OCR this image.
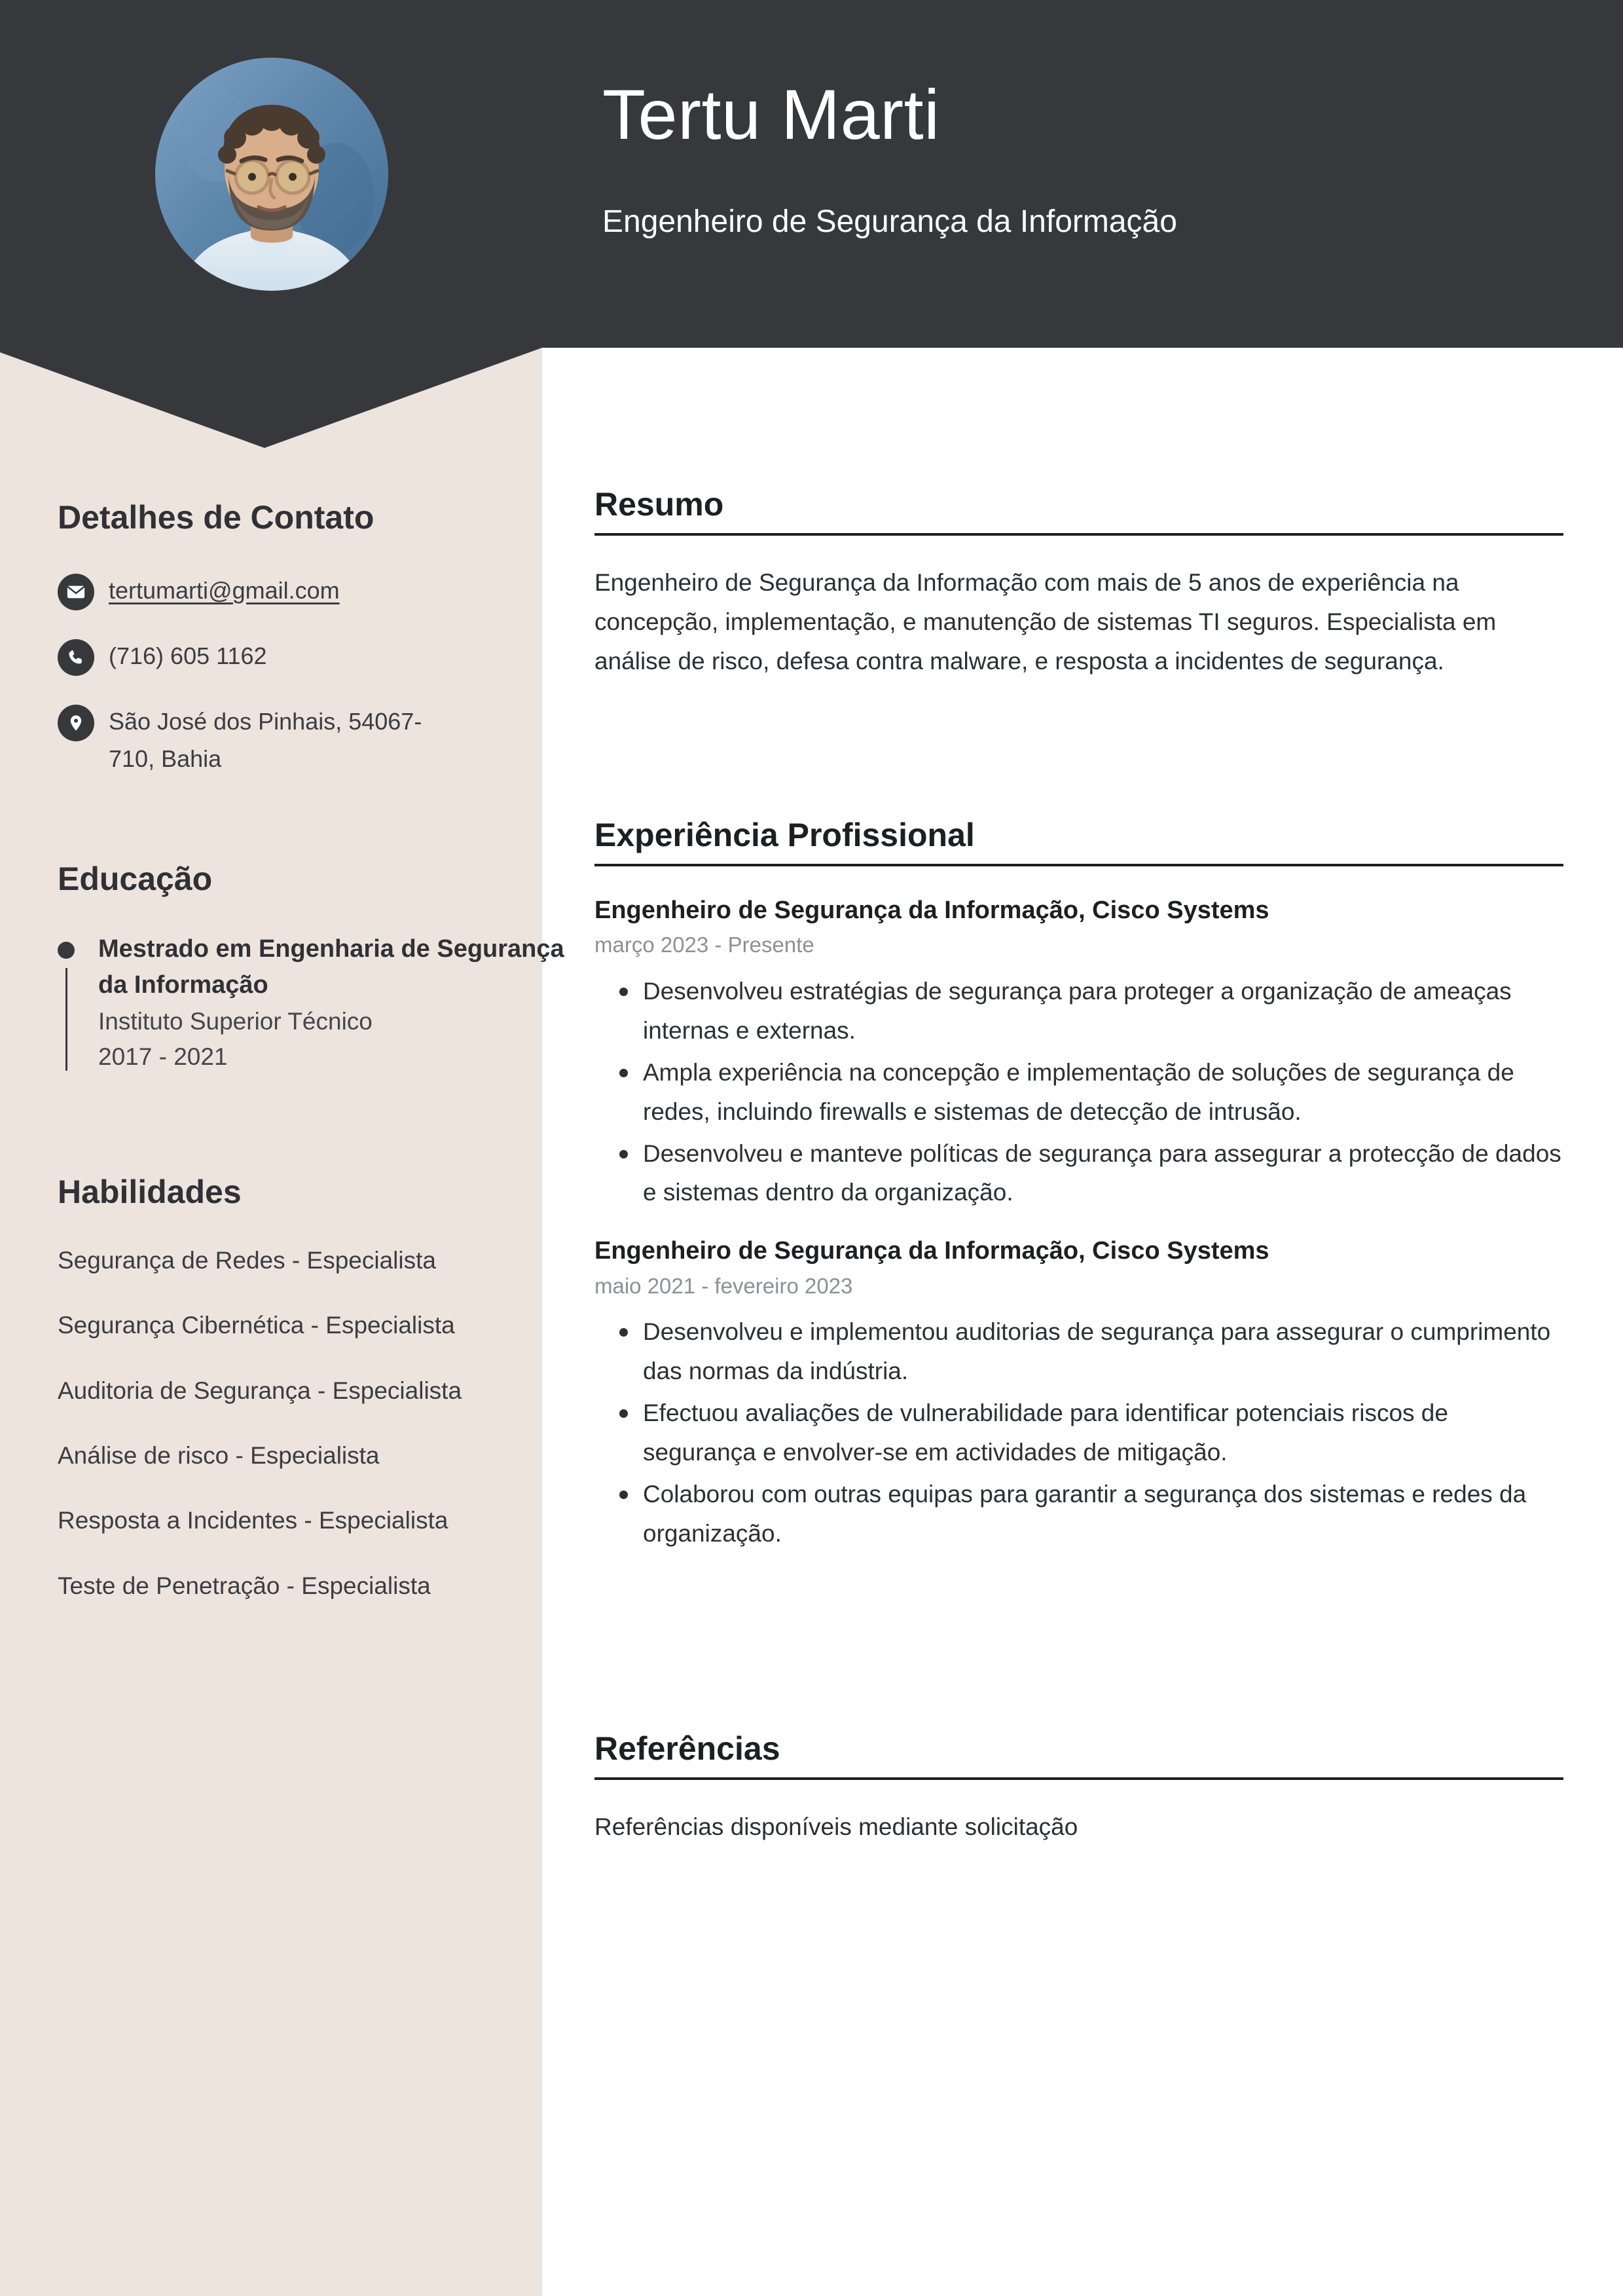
Tertu Marti
Engenheiro de Segurança da Informação
Detalhes de Contato
tertumarti@gmail.com
(716) 605 1162
São José dos Pinhais, 54067-710, Bahia
Educação
Mestrado em Engenharia de Segurança da Informação
Instituto Superior Técnico
2017 - 2021
Habilidades
Segurança de Redes - Especialista
Segurança Cibernética - Especialista
Auditoria de Segurança - Especialista
Análise de risco - Especialista
Resposta a Incidentes - Especialista
Teste de Penetração - Especialista
Resumo

Engenheiro de Segurança da Informação com mais de 5 anos de experiência na concepção, implementação, e manutenção de sistemas TI seguros. Especialista em análise de risco, defesa contra malware, e resposta a incidentes de segurança.

Experiência Profissional
Engenheiro de Segurança da Informação, Cisco Systems
março 2023 - Presente
Desenvolveu estratégias de segurança para proteger a organização de ameaças internas e externas.
Ampla experiência na concepção e implementação de soluções de segurança de redes, incluindo firewalls e sistemas de detecção de intrusão.
Desenvolveu e manteve políticas de segurança para assegurar a protecção de dados e sistemas dentro da organização.
Engenheiro de Segurança da Informação, Cisco Systems
maio 2021 - fevereiro 2023
Desenvolveu e implementou auditorias de segurança para assegurar o cumprimento das normas da indústria.
Efectuou avaliações de vulnerabilidade para identificar potenciais riscos de segurança e envolver-se em actividades de mitigação.
Colaborou com outras equipas para garantir a segurança dos sistemas e redes da organização.
Referências

Referências disponíveis mediante solicitação
